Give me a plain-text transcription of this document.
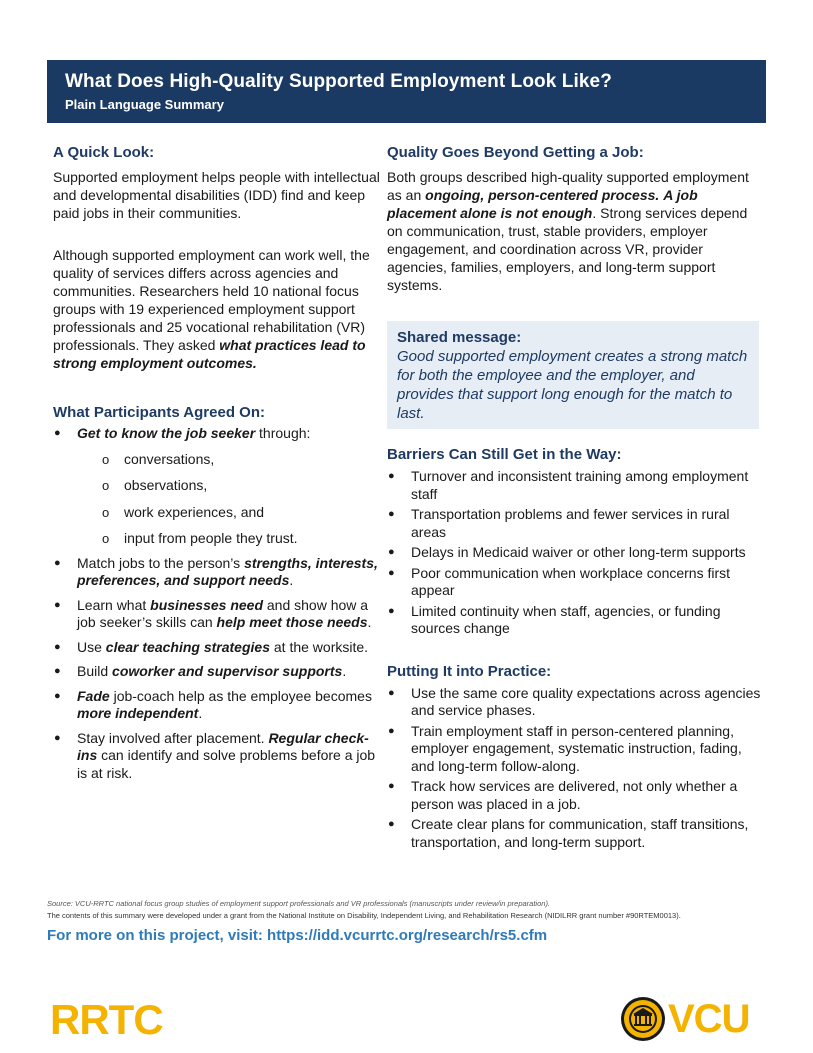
What Does High-Quality Supported Employment Look Like?
Plain Language Summary
A Quick Look:

Supported employment helps people with intellectual and developmental disabilities (IDD) find and keep paid jobs in their communities.

Although supported employment can work well, the quality of services differs across agencies and communities. Researchers held 10 national focus groups with 19 experienced employment support professionals and 25 vocational rehabilitation (VR) professionals. They asked what practices lead to strong employment outcomes.

What Participants Agreed On:
● Get to know the job seeker through:
o conversations,
o observations,
o work experiences, and
o input from people they trust.
● Match jobs to the person’s strengths, interests, preferences, and support needs.
● Learn what businesses need and show how a job seeker’s skills can help meet those needs.
● Use clear teaching strategies at the worksite.
● Build coworker and supervisor supports.
● Fade job-coach help as the employee becomes more independent.
● Stay involved after placement. Regular check-ins can identify and solve problems before a job is at risk.
Quality Goes Beyond Getting a Job:

Both groups described high-quality supported employment as an ongoing, person-centered process. A job placement alone is not enough. Strong services depend on communication, trust, stable providers, employer engagement, and coordination across VR, provider agencies, families, employers, and long-term support systems.

Shared message:

Good supported employment creates a strong match for both the employee and the employer, and provides that support long enough for the match to last.

Barriers Can Still Get in the Way:
● Turnover and inconsistent training among employment staff
● Transportation problems and fewer services in rural areas
● Delays in Medicaid waiver or other long-term supports
● Poor communication when workplace concerns first appear
● Limited continuity when staff, agencies, or funding sources change
Putting It into Practice:
● Use the same core quality expectations across agencies and service phases.
● Train employment staff in person-centered planning, employer engagement, systematic instruction, fading, and long-term follow-along.
● Track how services are delivered, not only whether a person was placed in a job.
● Create clear plans for communication, staff transitions, transportation, and long-term support.
Source: VCU-RRTC national focus group studies of employment support professionals and VR professionals (manuscripts under review/in preparation).
The contents of this summary were developed under a grant from the National Institute on Disability, Independent Living, and Rehabilitation Research (NIDILRR grant number #90RTEM0013).
For more on this project, visit: https://idd.vcurrtc.org/research/rs5.cfm
RRTC	VCU
